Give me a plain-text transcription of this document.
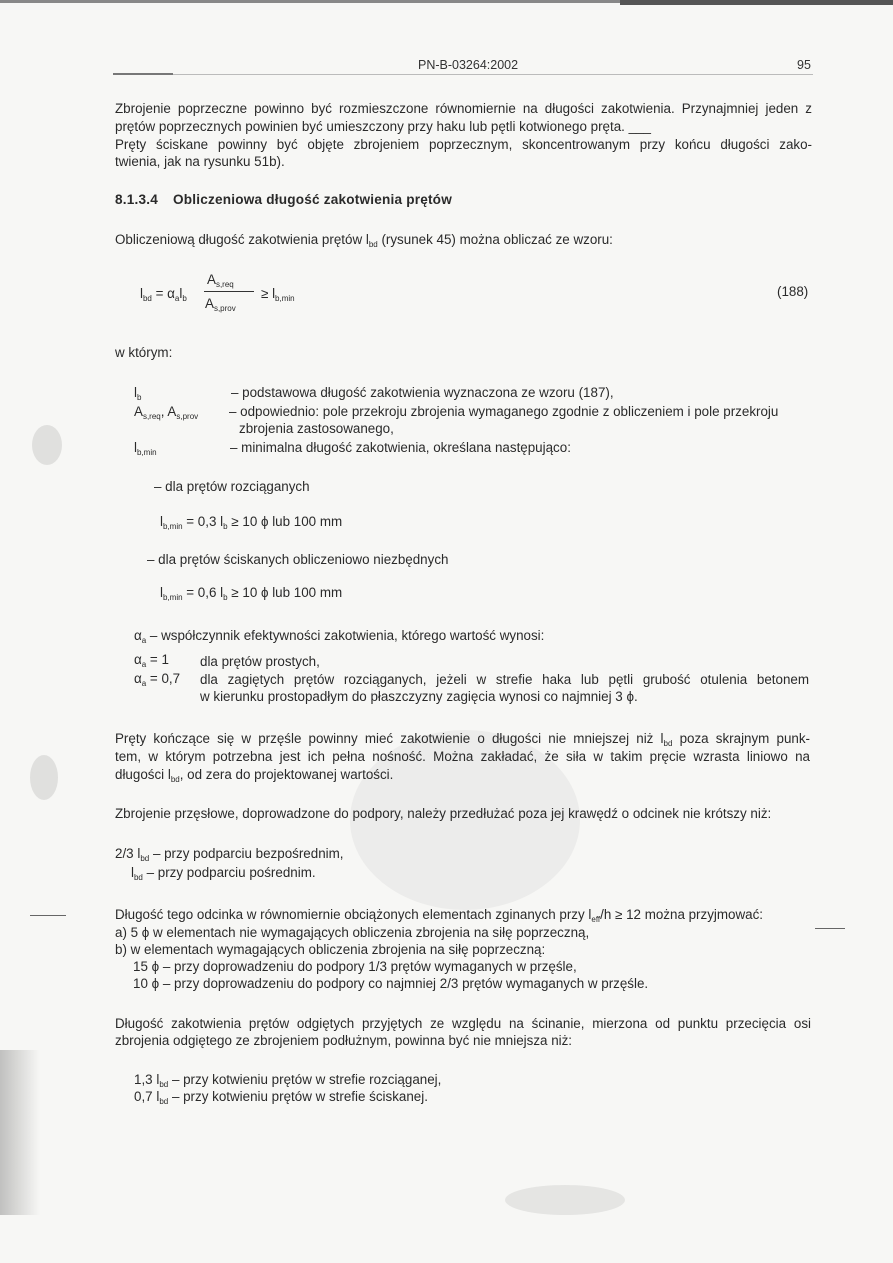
PN-B-03264:2002	95
Zbrojenie poprzeczne powinno być rozmieszczone równomiernie na długości zakotwienia. Przynajmniej jeden z
prętów poprzecznych powinien być umieszczony przy haku lub pętli kotwionego pręta. ___
Pręty ściskane powinny być objęte zbrojeniem poprzecznym, skoncentrowanym przy końcu długości zako-
twienia, jak na rysunku 51b).
8.1.3.4 Obliczeniowa długość zakotwienia prętów
Obliczeniową długość zakotwienia prętów $l_{bd}$ (rysunek 45) można obliczać ze wzoru:
$l_{bd} = \alpha_al_b$
$A_{s,req}$
$A_{s,prov}$
≥ $l_{b,min}$	(188)
w którym:
$l_b$	– podstawowa długość zakotwienia wyznaczona ze wzoru (187),
$A_{s,req}$, $A_{s,prov}$ – odpowiednio: pole przekroju zbrojenia wymaganego zgodnie z obliczeniem i pole przekroju
zbrojenia zastosowanego,
$l_{b,min}$	– minimalna długość zakotwienia, określana następująco:
– dla prętów rozciąganych
$l_{b,min} = 0,3$ $l_b \ge 10$ ϕ lub 100 mm
– dla prętów ściskanych obliczeniowo niezbędnych
$l_{b,min} = 0,6$ $l_b \ge 10$ ϕ lub 100 mm
$\alpha_a$ – współczynnik efektywności zakotwienia, którego wartość wynosi:
$\alpha_a = 1$ dla prętów prostych,
$\alpha_a = 0,7$ dla zagiętych prętów rozciąganych, jeżeli w strefie haka lub pętli grubość otulenia betonem
w kierunku prostopadłym do płaszczyzny zagięcia wynosi co najmniej 3 ϕ.
Pręty kończące się w przęśle powinny mieć zakotwienie o długości nie mniejszej niż $l_{bd}$ poza skrajnym punk-
tem, w którym potrzebna jest ich pełna nośność. Można zakładać, że siła w takim pręcie wzrasta liniowo na
długości $l_{bd}$, od zera do projektowanej wartości.
Zbrojenie przęsłowe, doprowadzone do podpory, należy przedłużać poza jej krawędź o odcinek nie krótszy niż:
2/3 $l_{bd}$ – przy podparciu bezpośrednim,
$l_{bd}$ – przy podparciu pośrednim.
Długość tego odcinka w równomiernie obciążonych elementach zginanych przy $l_{eff}/h \ge 12$ można przyjmować:
a) 5 ϕ w elementach nie wymagających obliczenia zbrojenia na siłę poprzeczną,
b) w elementach wymagających obliczenia zbrojenia na siłę poprzeczną:
15 ϕ – przy doprowadzeniu do podpory 1/3 prętów wymaganych w przęśle,
10 ϕ – przy doprowadzeniu do podpory co najmniej 2/3 prętów wymaganych w przęśle.
Długość zakotwienia prętów odgiętych przyjętych ze względu na ścinanie, mierzona od punktu przecięcia osi
zbrojenia odgiętego ze zbrojeniem podłużnym, powinna być nie mniejsza niż:
1,3 $l_{bd}$ – przy kotwieniu prętów w strefie rozciąganej,
0,7 $l_{bd}$ – przy kotwieniu prętów w strefie ściskanej.
